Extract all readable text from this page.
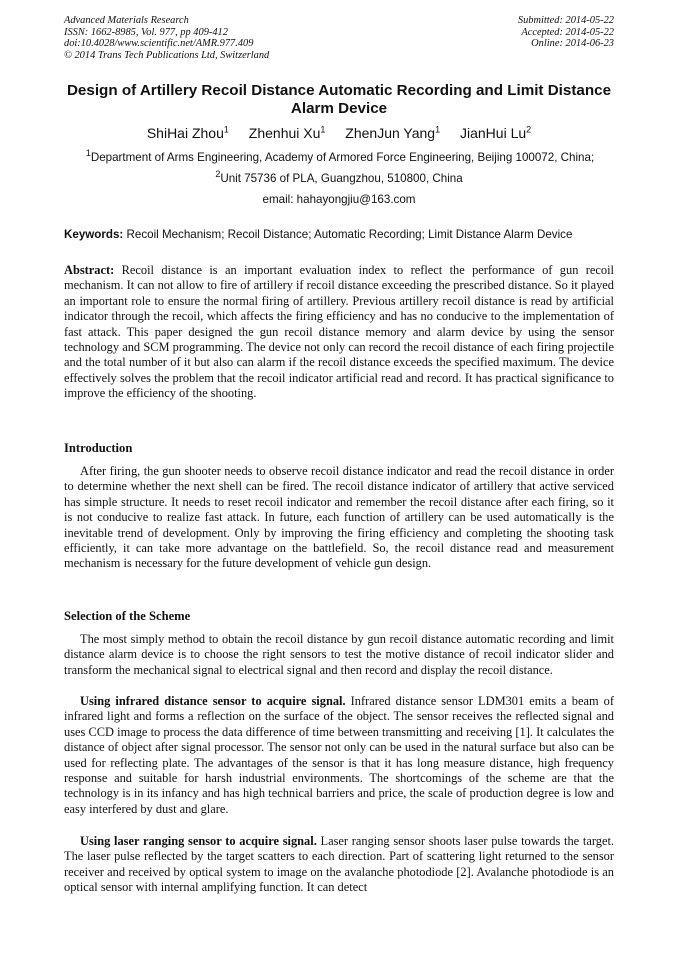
Advanced Materials Research
ISSN: 1662-8985, Vol. 977, pp 409-412
doi:10.4028/www.scientific.net/AMR.977.409
© 2014 Trans Tech Publications Ltd, Switzerland
Submitted: 2014-05-22
Accepted: 2014-05-22
Online: 2014-06-23
Design of Artillery Recoil Distance Automatic Recording and Limit Distance Alarm Device
ShiHai Zhou$^1$ Zhenhui Xu$^1$ ZhenJun Yang$^1$ JianHui Lu$^2$
$^1$Department of Arms Engineering, Academy of Armored Force Engineering, Beijing 100072, China;
$^2$Unit 75736 of PLA, Guangzhou, 510800, China
email: hahayongjiu@163.com
Keywords: Recoil Mechanism; Recoil Distance; Automatic Recording; Limit Distance Alarm Device

Abstract: Recoil distance is an important evaluation index to reflect the performance of gun recoil mechanism. It can not allow to fire of artillery if recoil distance exceeding the prescribed distance. So it played an important role to ensure the normal firing of artillery. Previous artillery recoil distance is read by artificial indicator through the recoil, which affects the firing efficiency and has no conducive to the implementation of fast attack. This paper designed the gun recoil distance memory and alarm device by using the sensor technology and SCM programming. The device not only can record the recoil distance of each firing projectile and the total number of it but also can alarm if the recoil distance exceeds the specified maximum. The device effectively solves the problem that the recoil indicator artificial read and record. It has practical significance to improve the efficiency of the shooting.

Introduction
After firing, the gun shooter needs to observe recoil distance indicator and read the recoil distance in order to determine whether the next shell can be fired. The recoil distance indicator of artillery that active serviced has simple structure. It needs to reset recoil indicator and remember the recoil distance after each firing, so it is not conducive to realize fast attack. In future, each function of artillery can be used automatically is the inevitable trend of development. Only by improving the firing efficiency and completing the shooting task efficiently, it can take more advantage on the battlefield. So, the recoil distance read and measurement mechanism is necessary for the future development of vehicle gun design.
Selection of the Scheme
The most simply method to obtain the recoil distance by gun recoil distance automatic recording and limit distance alarm device is to choose the right sensors to test the motive distance of recoil indicator slider and transform the mechanical signal to electrical signal and then record and display the recoil distance.

Using infrared distance sensor to acquire signal. Infrared distance sensor LDM301 emits a beam of infrared light and forms a reflection on the surface of the object. The sensor receives the reflected signal and uses CCD image to process the data difference of time between transmitting and receiving [1]. It calculates the distance of object after signal processor. The sensor not only can be used in the natural surface but also can be used for reflecting plate. The advantages of the sensor is that it has long measure distance, high frequency response and suitable for harsh industrial environments. The shortcomings of the scheme are that the technology is in its infancy and has high technical barriers and price, the scale of production degree is low and easy interfered by dust and glare.

Using laser ranging sensor to acquire signal. Laser ranging sensor shoots laser pulse towards the target. The laser pulse reflected by the target scatters to each direction. Part of scattering light returned to the sensor receiver and received by optical system to image on the avalanche photodiode [2]. Avalanche photodiode is an optical sensor with internal amplifying function. It can detect
